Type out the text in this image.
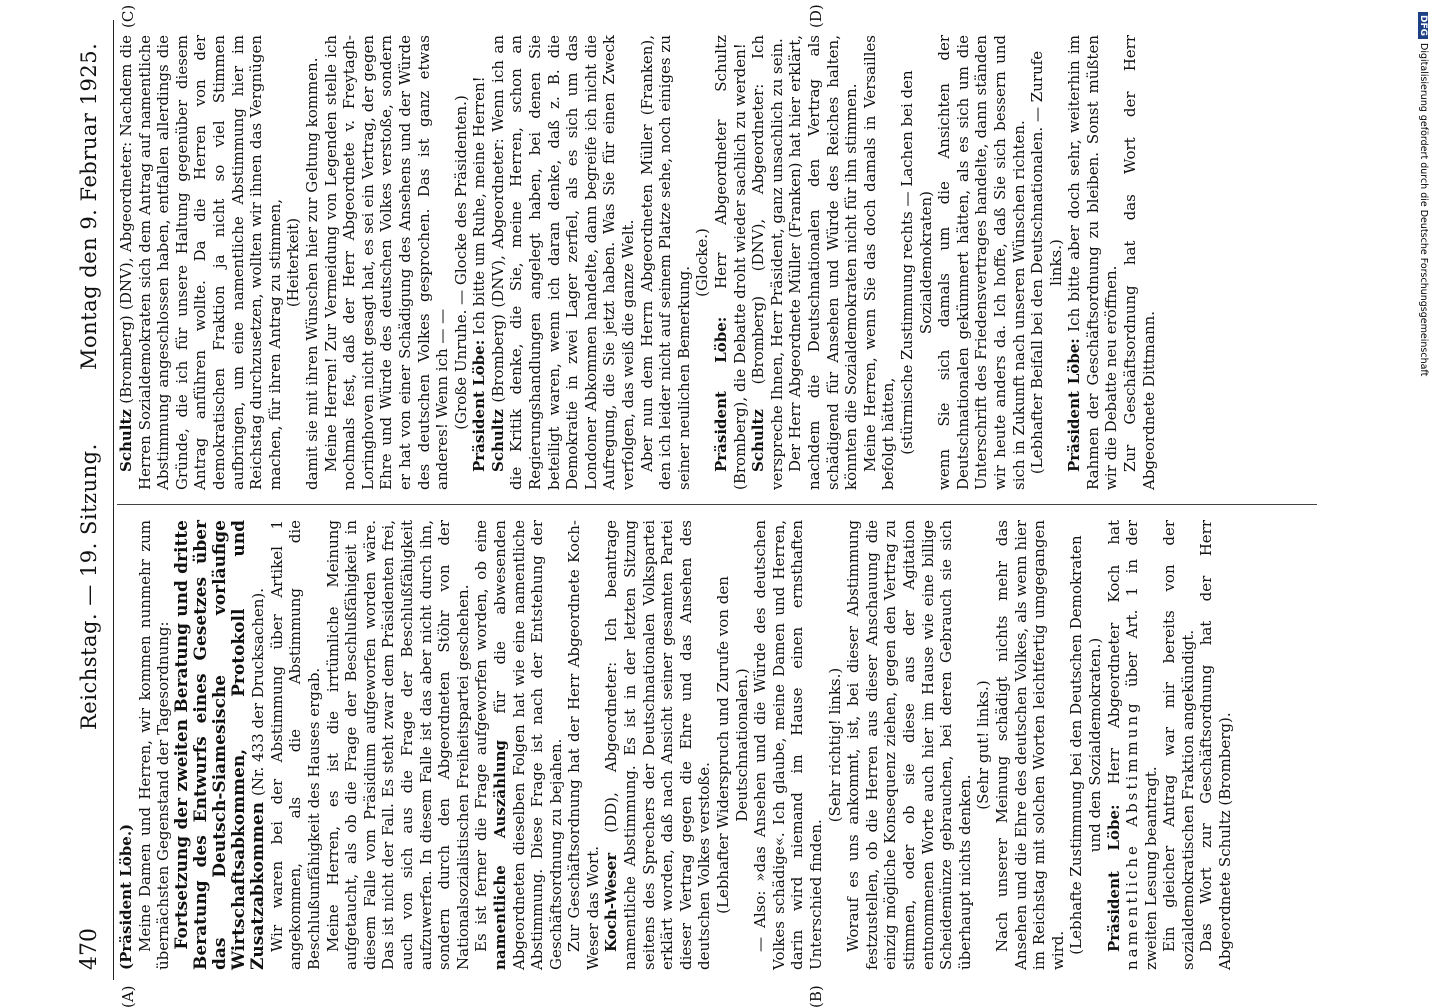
470
Reichstag. — 19. Sitzung.
Montag den 9. Februar 1925.
(A)	(B)
(C)	(D)

(Präsident Löbe.) Meine Damen und Herren, wir kommen nunmehr zum übernächsten Gegenstand der Tagesordnung: Fortsetzung der zweiten Beratung und dritte Beratung des Entwurfs eines Gesetzes über das Deutsch-Siamesische vorläufige Wirtschaftsabkommen, Protokoll und Zusatzabkommen (Nr. 433 der Drucksachen). Wir waren bei der Abstimmung über Artikel 1 angekommen, als die Abstimmung die Beschlußunfähigkeit des Hauses ergab. Meine Herren, es ist die irrtümliche Meinung aufgetaucht, als ob die Frage der Beschlußfähigkeit in diesem Falle vom Präsidium aufgeworfen worden wäre. Das ist nicht der Fall. Es steht zwar dem Präsidenten frei, auch von sich aus die Frage der Beschlußfähigkeit aufzuwerfen. In diesem Falle ist das aber nicht durch ihn, sondern durch den Abgeordneten Stöhr von der Nationalsozialistischen Freiheitspartei geschehen. Es ist ferner die Frage aufgeworfen worden, ob eine namentliche Auszählung für die abwesenden Abgeordneten dieselben Folgen hat wie eine namentliche Abstimmung. Diese Frage ist nach der Entstehung der Geschäftsordnung zu bejahen. Zur Geschäftsordnung hat der Herr Abgeordnete Koch-Weser das Wort. Koch-Weser (DD), Abgeordneter: Ich beantrage namentliche Abstimmung. Es ist in der letzten Sitzung seitens des Sprechers der Deutschnationalen Volkspartei erklärt worden, daß nach Ansicht seiner gesamten Partei dieser Vertrag gegen die Ehre und das Ansehen des deutschen Volkes verstoße. (Lebhafter Widerspruch und Zurufe von den Deutschnationalen.) — Also: »das Ansehen und die Würde des deutschen Volkes schädige«. Ich glaube, meine Damen und Herren, darin wird niemand im Hause einen ernsthaften Unterschied finden.

(Sehr richtig! links.) Worauf es uns ankommt, ist, bei dieser Abstimmung festzustellen, ob die Herren aus dieser Anschauung die einzig mögliche Konsequenz ziehen, gegen den Vertrag zu stimmen, oder ob sie diese aus der Agitation entnommenen Worte auch hier im Hause wie eine billige Scheidemünze gebrauchen, bei deren Gebrauch sie sich überhaupt nichts denken.

(Sehr gut! links.) Nach unserer Meinung schädigt nichts mehr das Ansehen und die Ehre des deutschen Volkes, als wenn hier im Reichstag mit solchen Worten leichtfertig umgegangen wird. (Lebhafte Zustimmung bei den Deutschen Demokraten und den Sozialdemokraten.)

Präsident Löbe: Herr Abgeordneter Koch hat namentliche Abstimmung über Art. 1 in der zweiten Lesung beantragt. Ein gleicher Antrag war mir bereits von der sozialdemokratischen Fraktion angekündigt. Das Wort zur Geschäftsordnung hat der Herr Abgeordnete Schultz (Bromberg).

Schultz (Bromberg) (DNV), Abgeordneter: Nachdem die Herren Sozialdemokraten sich dem Antrag auf namentliche Abstimmung angeschlossen haben, entfallen allerdings die Gründe, die ich für unsere Haltung gegenüber diesem Antrag anführen wollte. Da die Herren von der demokratischen Fraktion ja nicht so viel Stimmen aufbringen, um eine namentliche Abstimmung hier im Reichstag durchzusetzen, wollten wir ihnen das Vergnügen machen, für ihren Antrag zu stimmen, (Heiterkeit) damit sie mit ihren Wünschen hier zur Geltung kommen. Meine Herren! Zur Vermeidung von Legenden stelle ich nochmals fest, daß der Herr Abgeordnete v. Freytagh-Loringhoven nicht gesagt hat, es sei ein Vertrag, der gegen Ehre und Würde des deutschen Volkes verstoße, sondern er hat von einer Schädigung des Ansehens und der Würde des deutschen Volkes gesprochen. Das ist ganz etwas anderes! Wenn ich — — (Große Unruhe. — Glocke des Präsidenten.) Präsident Löbe: Ich bitte um Ruhe, meine Herren!

Schultz (Bromberg) (DNV), Abgeordneter: Wenn ich an die Kritik denke, die Sie, meine Herren, schon an Regierungshandlungen angelegt haben, bei denen Sie beteiligt waren, wenn ich daran denke, daß z. B. die Demokratie in zwei Lager zerfiel, als es sich um das Londoner Abkommen handelte, dann begreife ich nicht die Aufregung, die Sie jetzt haben. Was Sie für einen Zweck verfolgen, das weiß die ganze Welt. Aber nun dem Herrn Abgeordneten Müller (Franken), den ich leider nicht auf seinem Platze sehe, noch einiges zu seiner neulichen Bemerkung.

(Glocke.)

Präsident Löbe: Herr Abgeordneter Schultz (Bromberg), die Debatte droht wieder sachlich zu werden! Schultz (Bromberg) (DNV), Abgeordneter: Ich verspreche Ihnen, Herr Präsident, ganz unsachlich zu sein. Der Herr Abgeordnete Müller (Franken) hat hier erklärt, nachdem die Deutschnationalen den Vertrag als schädigend für Ansehen und Würde des Reiches halten, könnten die Sozialdemokraten nicht für ihn stimmen. Meine Herren, wenn Sie das doch damals in Versailles befolgt hätten, (stürmische Zustimmung rechts — Lachen bei den Sozialdemokraten) wenn Sie sich damals um die Ansichten der Deutschnationalen gekümmert hätten, als es sich um die Unterschrift des Friedensvertrages handelte, dann ständen wir heute anders da. Ich hoffe, daß Sie sich bessern und sich in Zukunft nach unseren Wünschen richten. (Lebhafter Beifall bei den Deutschnationalen. — Zurufe links.)

Präsident Löbe: Ich bitte aber doch sehr, weiterhin im Rahmen der Geschäftsordnung zu bleiben. Sonst müßten wir die Debatte neu eröffnen. Zur Geschäftsordnung hat das Wort der Herr Abgeordnete Dittmann.

DFGDigitalisierung gefördert durch die Deutsche Forschungsgemeinschaft
